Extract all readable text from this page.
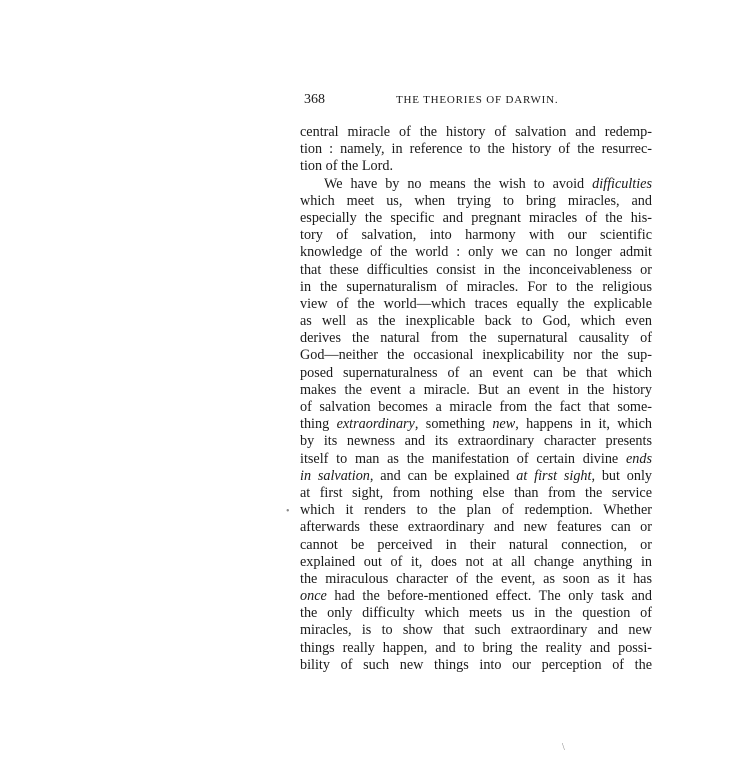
368	THE THEORIES OF DARWIN.
central miracle of the history of salvation and redemp-
tion : namely, in reference to the history of the resurrec-
tion of the Lord.
We have by no means the wish to avoid difficulties
which meet us, when trying to bring miracles, and
especially the specific and pregnant miracles of the his-
tory of salvation, into harmony with our scientific
knowledge of the world : only we can no longer admit
that these difficulties consist in the inconceivableness or
in the supernaturalism of miracles. For to the religious
view of the world—which traces equally the explicable
as well as the inexplicable back to God, which even
derives the natural from the supernatural causality of
God—neither the occasional inexplicability nor the sup-
posed supernaturalness of an event can be that which
makes the event a miracle. But an event in the history
of salvation becomes a miracle from the fact that some-
thing extraordinary, something new, happens in it, which
by its newness and its extraordinary character presents
itself to man as the manifestation of certain divine ends
in salvation, and can be explained at first sight, but only
at first sight, from nothing else than from the service
which it renders to the plan of redemption. Whether
afterwards these extraordinary and new features can or
cannot be perceived in their natural connection, or
explained out of it, does not at all change anything in
the miraculous character of the event, as soon as it has
once had the before-mentioned effect. The only task and
the only difficulty which meets us in the question of
miracles, is to show that such extraordinary and new
things really happen, and to bring the reality and possi-
bility of such new things into our perception of the
•
\
